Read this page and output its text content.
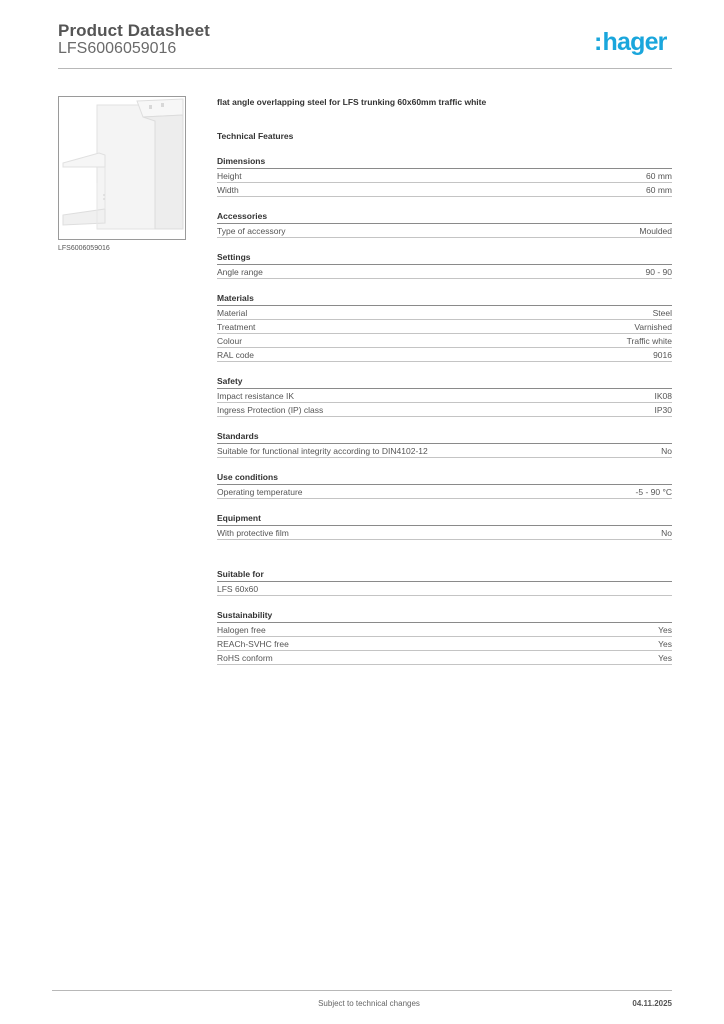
Product Datasheet
LFS6006059016	:hager
LFS6006059016
flat angle overlapping steel for LFS trunking 60x60mm traffic white
Technical Features
Dimensions
Height	60 mm
Width	60 mm
Accessories
Type of accessory	Moulded
Settings
Angle range	90 - 90
Materials
Material	Steel
Treatment	Varnished
Colour	Traffic white
RAL code	9016
Safety
Impact resistance IK	IK08
Ingress Protection (IP) class	IP30
Standards
Suitable for functional integrity according to DIN4102-12	No
Use conditions
Operating temperature	-5 - 90 °C
Equipment
With protective film	No
Suitable for
LFS 60x60
Sustainability
Halogen free	Yes
REACh-SVHC free	Yes
RoHS conform	Yes
Subject to technical changes	04.11.2025
